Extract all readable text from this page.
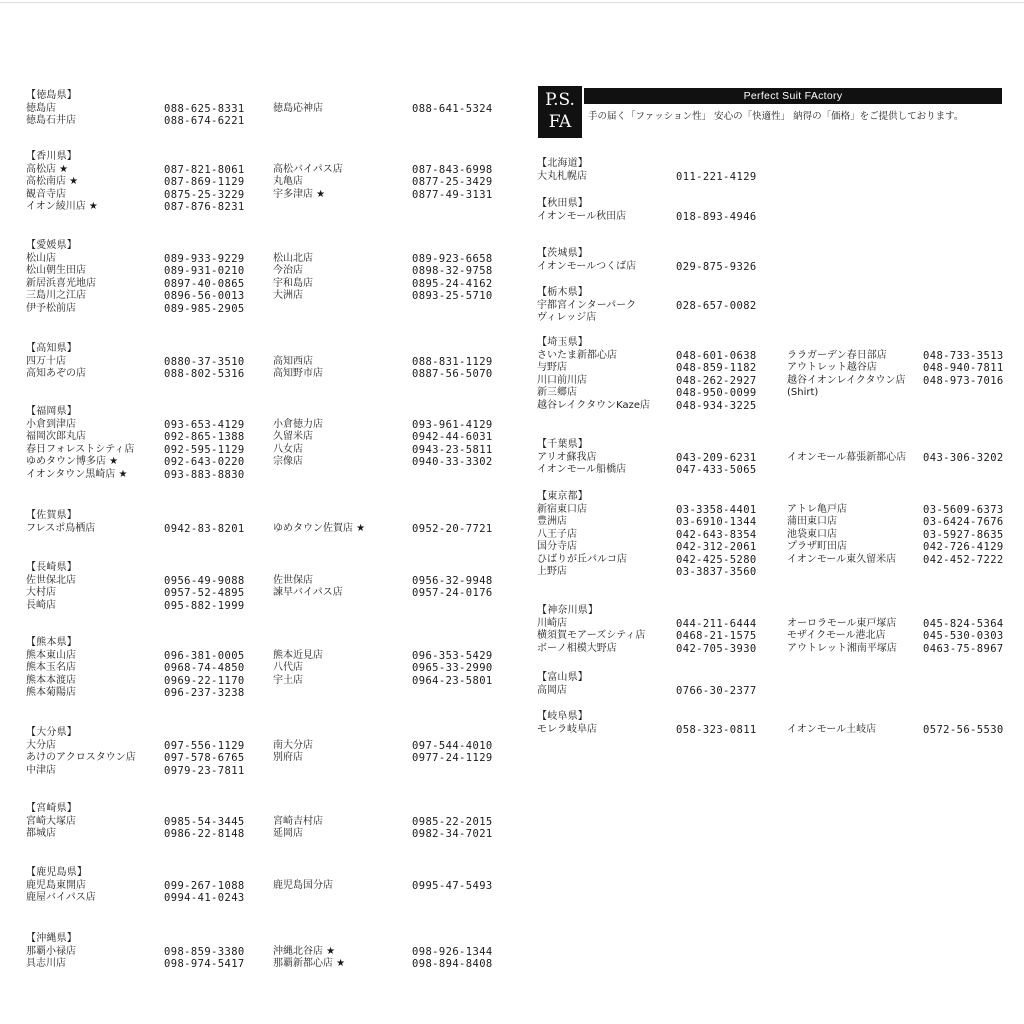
【徳島県】
徳島店	088-625-8331	徳島応神店	088-641-5324
徳島石井店	088-674-6221
【香川県】
高松店 ★	087-821-8061	高松バイパス店	087-843-6998
高松南店 ★	087-869-1129	丸亀店	0877-25-3429
観音寺店	0875-25-3229	宇多津店 ★	0877-49-3131
イオン綾川店 ★	087-876-8231
【愛媛県】
松山店	089-933-9229	松山北店	089-923-6658
松山朝生田店	089-931-0210	今治店	0898-32-9758
新居浜喜光地店	0897-40-0865	宇和島店	0895-24-4162
三島川之江店	0896-56-0013	大洲店	0893-25-5710
伊予松前店	089-985-2905
【高知県】
四万十店	0880-37-3510	高知西店	088-831-1129
高知あぞの店	088-802-5316	高知野市店	0887-56-5070
【福岡県】
小倉到津店	093-653-4129	小倉徳力店	093-961-4129
福岡次郎丸店	092-865-1388	久留米店	0942-44-6031
春日フォレストシティ店	092-595-1129	八女店	0943-23-5811
ゆめタウン博多店 ★	092-643-0220	宗像店	0940-33-3302
イオンタウン黒崎店 ★	093-883-8830
【佐賀県】
フレスポ鳥栖店	0942-83-8201	ゆめタウン佐賀店 ★	0952-20-7721
【長崎県】
佐世保北店	0956-49-9088	佐世保店	0956-32-9948
大村店	0957-52-4895	諫早バイパス店	0957-24-0176
長崎店	095-882-1999
【熊本県】
熊本東山店	096-381-0005	熊本近見店	096-353-5429
熊本玉名店	0968-74-4850	八代店	0965-33-2990
熊本本渡店	0969-22-1170	宇土店	0964-23-5801
熊本菊陽店	096-237-3238
【大分県】
大分店	097-556-1129	南大分店	097-544-4010
あけのアクロスタウン店	097-578-6765	別府店	0977-24-1129
中津店	0979-23-7811
【宮崎県】
宮崎大塚店	0985-54-3445	宮崎吉村店	0985-22-2015
都城店	0986-22-8148	延岡店	0982-34-7021
【鹿児島県】
鹿児島東開店	099-267-1088	鹿児島国分店	0995-47-5493
鹿屋バイパス店	0994-41-0243
【沖縄県】
那覇小禄店	098-859-3380	沖縄北谷店 ★	098-926-1344
具志川店	098-974-5417	那覇新都心店 ★	098-894-8408
P.S.
FA
Perfect Suit FActory
手の届く「ファッション性」 安心の「快適性」 納得の「価格」をご提供しております。
【北海道】
大丸札幌店	011-221-4129
【秋田県】
イオンモール秋田店	018-893-4946
【茨城県】
イオンモールつくば店	029-875-9326
【栃木県】
宇都宮インターパーク	028-657-0082
ヴィレッジ店
【埼玉県】
さいたま新都心店	048-601-0638	ララガーデン春日部店	048-733-3513
与野店	048-859-1182	アウトレット越谷店	048-940-7811
川口前川店	048-262-2927	越谷イオンレイクタウン店 048-973-7016
新三郷店	048-950-0099	(Shirt)
越谷レイクタウンKaze店 048-934-3225
【千葉県】
アリオ蘇我店	043-209-6231	イオンモール幕張新都心店 043-306-3202
イオンモール船橋店	047-433-5065
【東京都】
新宿東口店	03-3358-4401	アトレ亀戸店	03-5609-6373
豊洲店	03-6910-1344	蒲田東口店	03-6424-7676
八王子店	042-643-8354	池袋東口店	03-5927-8635
国分寺店	042-312-2061	プラザ町田店	042-726-4129
ひばりが丘パルコ店	042-425-5280	イオンモール東久留米店	042-452-7222
上野店	03-3837-3560
【神奈川県】
川崎店	044-211-6444	オーロラモール東戸塚店	045-824-5364
横須賀モアーズシティ店	0468-21-1575	モザイクモール港北店	045-530-0303
ボーノ相模大野店	042-705-3930	アウトレット湘南平塚店 0463-75-8967
【富山県】
高岡店	0766-30-2377
【岐阜県】
モレラ岐阜店	058-323-0811	イオンモール土岐店	0572-56-5530
